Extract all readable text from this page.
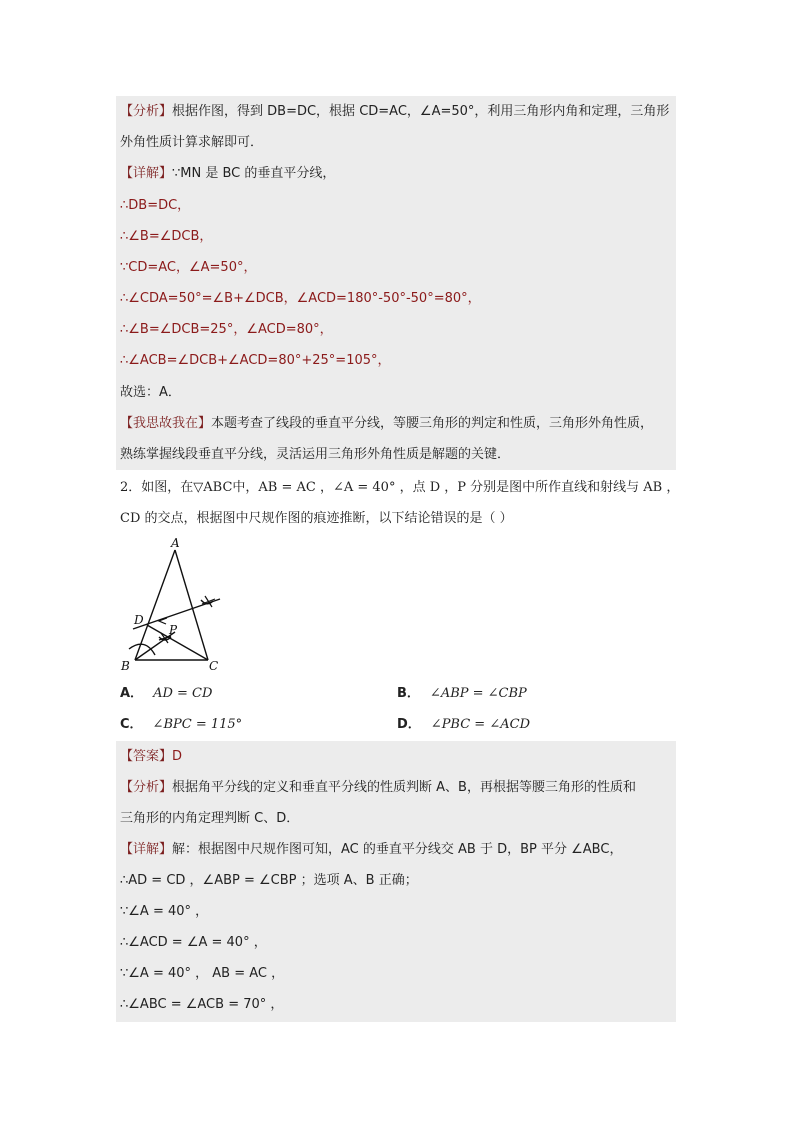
【分析】根据作图，得到 DB=DC，根据 CD=AC，∠A=50°，利用三角形内角和定理，三角形
外角性质计算求解即可．
【详解】∵MN 是 BC 的垂直平分线，
∴DB=DC，
∴∠B=∠DCB，
∵CD=AC，∠A=50°，
∴∠CDA=50°=∠B+∠DCB，∠ACD=180°-50°-50°=80°，
∴∠B=∠DCB=25°，∠ACD=80°，
∴∠ACB=∠DCB+∠ACD=80°+25°=105°，
故选：A．
【我思故我在】本题考查了线段的垂直平分线，等腰三角形的判定和性质，三角形外角性质，
熟练掌握线段垂直平分线，灵活运用三角形外角性质是解题的关键．
2．如图，在▽ABC中，AB = AC ，∠A = 40° ，点 D ，P 分别是图中所作直线和射线与 AB ，
CD 的交点，根据图中尺规作图的痕迹推断，以下结论错误的是（ ）
A
B	C
D
P
A． AD = CD	B． ∠ABP = ∠CBP
C． ∠BPC = 115°	D． ∠PBC = ∠ACD
【答案】D
【分析】根据角平分线的定义和垂直平分线的性质判断 A、B，再根据等腰三角形的性质和
三角形的内角定理判断 C、D．
【详解】解：根据图中尺规作图可知，AC 的垂直平分线交 AB 于 D，BP 平分 ∠ABC，
∴AD = CD ，∠ABP = ∠CBP ；选项 A、B 正确；
∵∠A = 40° ，
∴∠ACD = ∠A = 40° ，
∵∠A = 40° ， AB = AC ，
∴∠ABC = ∠ACB = 70° ，
